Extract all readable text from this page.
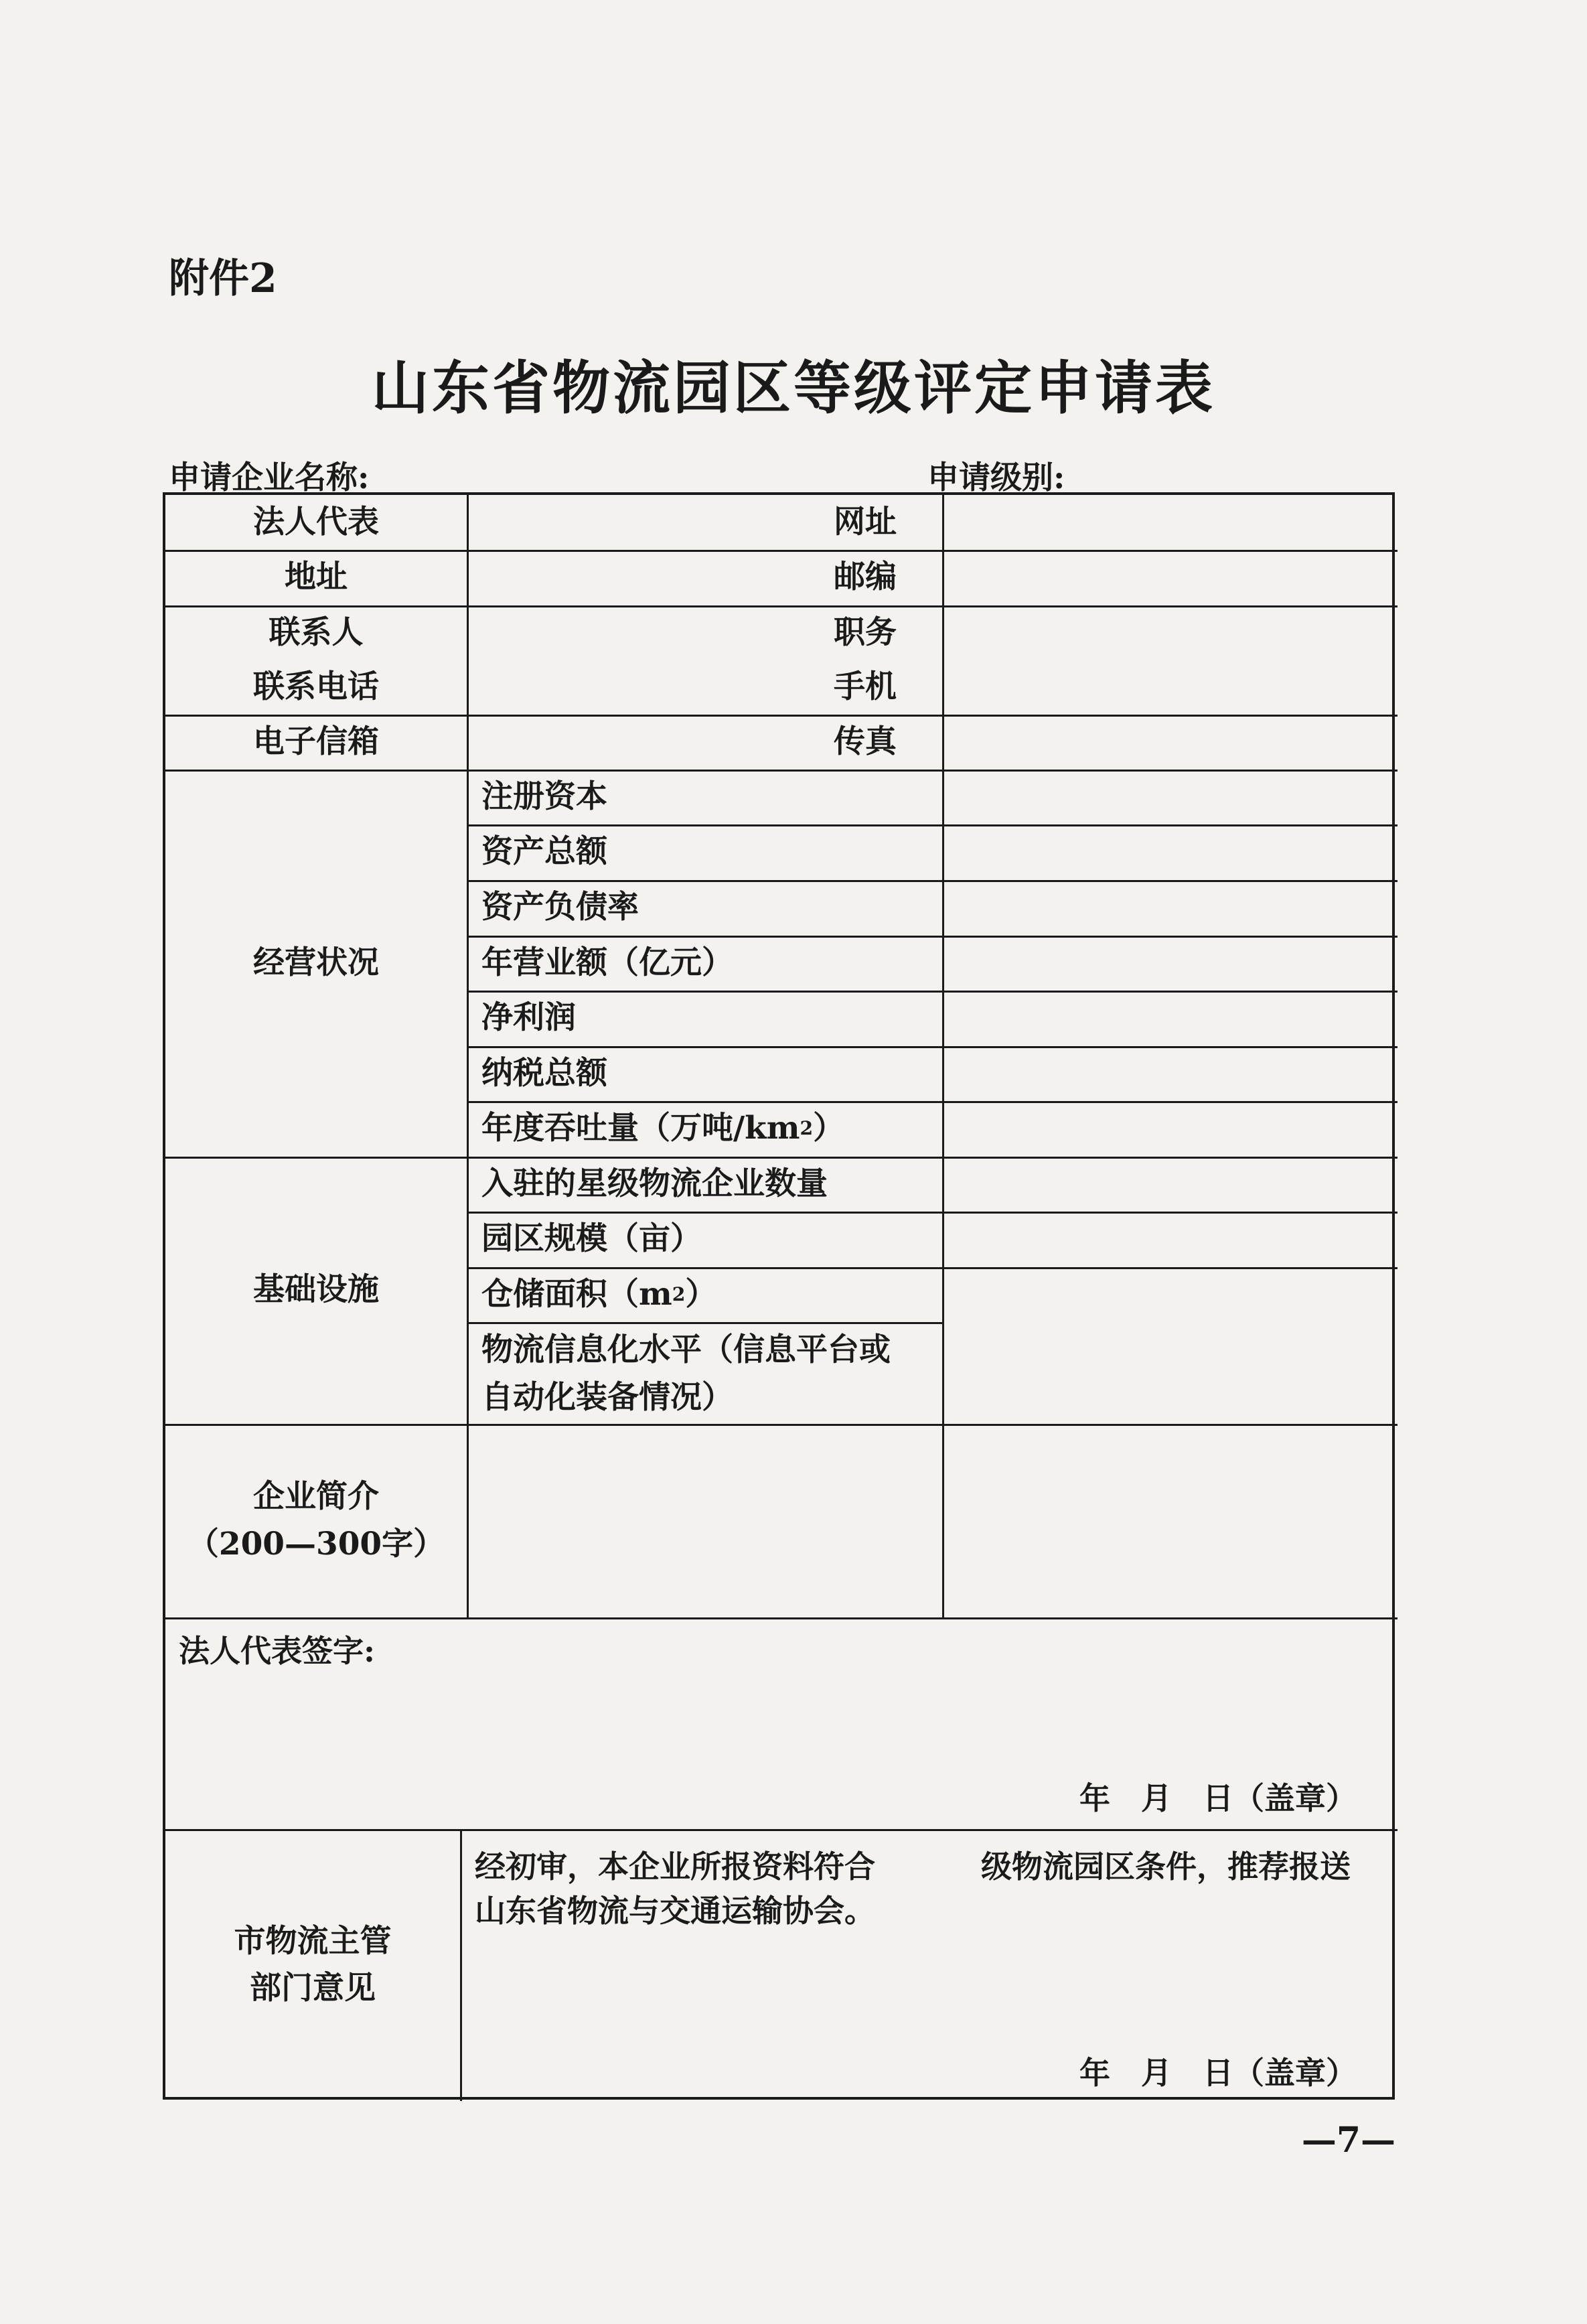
附件2
山东省物流园区等级评定申请表
申请企业名称:	申请级别:
法人代表
地址
联系人
联系电话
电子信箱
网址
邮编
职务
手机
传真
经营状况
注册资本
资产总额
资产负债率
年营业额（亿元）
净利润
纳税总额
年度吞吐量（万吨/km 2 ）
基础设施
入驻的星级物流企业数量
园区规模（亩）
仓储面积（m 2 ）
物流信息化水平（信息平台或
自动化装备情况）
企业简介
（200—300字）
法人代表签字:
年　月　日（盖章）
市物流主管
部门意见
经初审，本企业所报资料符合	级物流园区条件，推荐报送
山东省物流与交通运输协会。
年　月　日（盖章）
—7—
